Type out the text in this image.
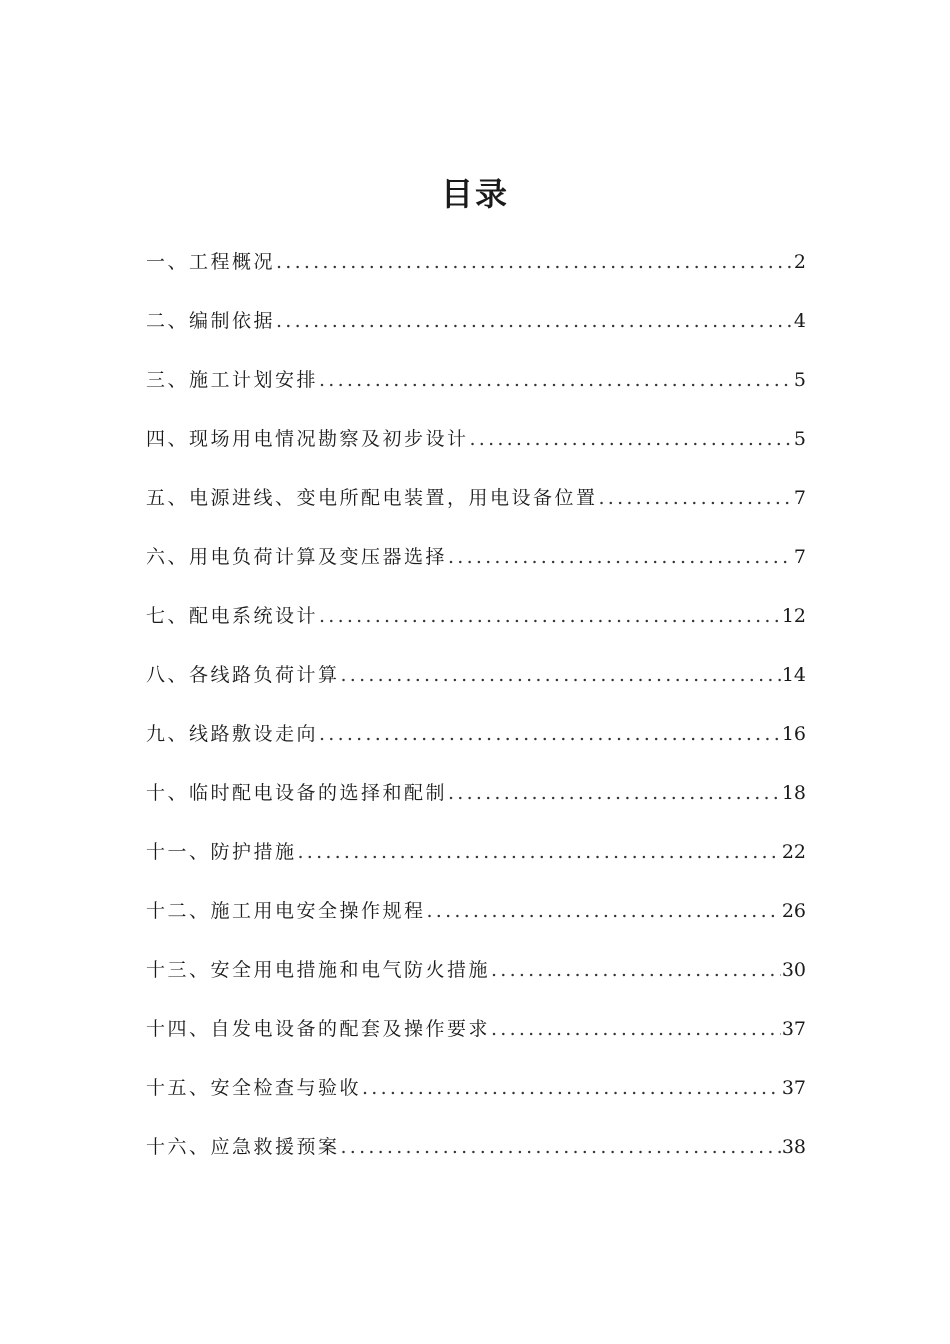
目录
一、工程概况 . . .	2
二、编制依据 . . .	4
三、施工计划安排 . . .	5
四、现场用电情况勘察及初步设计 . . .	5
五、电源进线、变电所配电装置，用电设备位置 . . .	7
六、用电负荷计算及变压器选择 . . .	7
七、配电系统设计 . . .	12
八、各线路负荷计算 . . .	14
九、线路敷设走向 . . .	16
十、临时配电设备的选择和配制 . . .	18
十一、防护措施 . . .	22
十二、施工用电安全操作规程 . . .	26
十三、安全用电措施和电气防火措施 . . .	30
十四、自发电设备的配套及操作要求 . . .	37
十五、安全检查与验收 . . .	37
十六、应急救援预案 . . .	38
